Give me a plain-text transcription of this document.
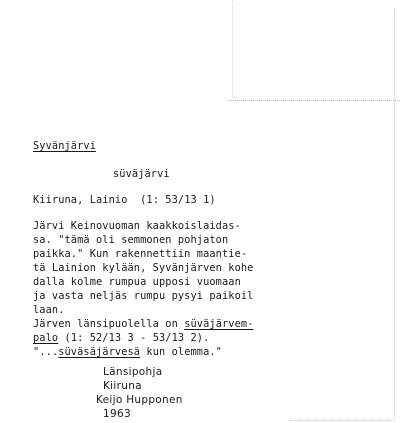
Syvänjärvi
süväjärvi
Kiiruna, Lainio (1: 53/13 1)
Järvi Keinovuoman kaakkoislaidas-
sa. "tämä oli semmonen pohjaton
paikka." Kun rakennettiin maantie-
tä Lainion kylään, Syvänjärven kohe
dalla kolme rumpua upposi vuomaan
ja vasta neljäs rumpu pysyi paikoil
laan.
Järven länsipuolella on süväjärvem-
palo (1: 52/13 3 - 53/13 2).
"...süväsäjärvesä kun olemma."
Länsipohja
Kiiruna
Keijo Hupponen
1963
